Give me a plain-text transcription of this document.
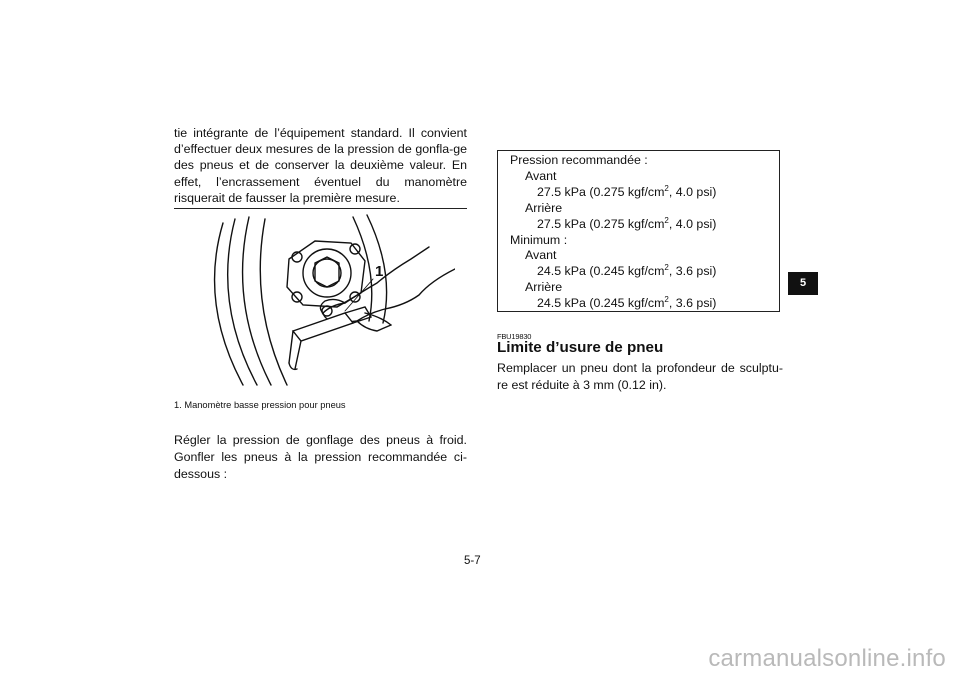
tie intégrante de l’équipement standard. Il convient d’effectuer deux mesures de la pression de gonfla-ge des pneus et de conserver la deuxième valeur. En effet, l’encrassement éventuel du manomètre risquerait de fausser la première mesure.

1
1. Manomètre basse pression pour pneus

Régler la pression de gonflage des pneus à froid. Gonfler les pneus à la pression recommandée ci-dessous :

Pression recommandée :
Avant
27.5 kPa (0.275 kgf/$cm^2$, 4.0 psi)
Arrière
27.5 kPa (0.275 kgf/$cm^2$, 4.0 psi)
Minimum :
Avant
24.5 kPa (0.245 kgf/$cm^2$, 3.6 psi)
Arrière
24.5 kPa (0.245 kgf/$cm^2$, 3.6 psi)
FBU19830
Limite d’usure de pneu

Remplacer un pneu dont la profondeur de sculptu-re est réduite à 3 mm (0.12 in).

5
5-7
carmanualsonline.info
